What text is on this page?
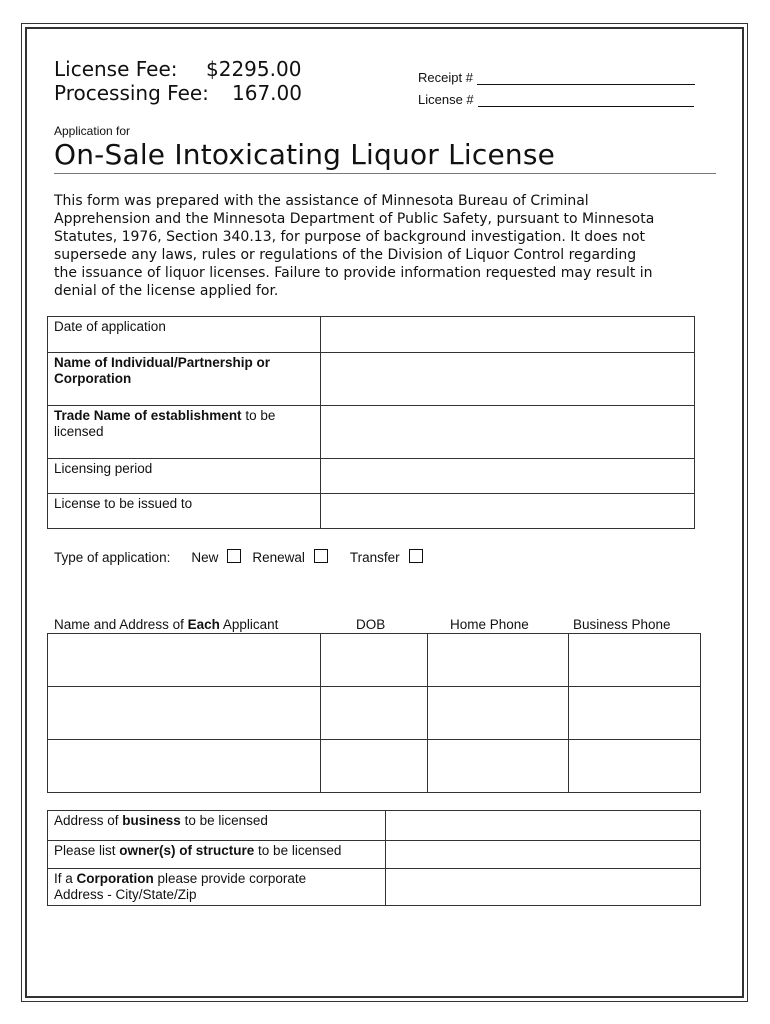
License Fee: $2295.00
Processing Fee: 167.00
Receipt #
License #
Application for
On-Sale Intoxicating Liquor License
This form was prepared with the assistance of Minnesota Bureau of Criminal
Apprehension and the Minnesota Department of Public Safety, pursuant to Minnesota
Statutes, 1976, Section 340.13, for purpose of background investigation. It does not
supersede any laws, rules or regulations of the Division of Liquor Control regarding
the issuance of liquor licenses. Failure to provide information requested may result in
denial of the license applied for.
Date of application	
Name of Individual/Partnership or Corporation	
Trade Name of establishment to be licensed	
Licensing period	
License to be issued to	
Type of application: New	Renewal	Transfer
Name and Address of Each Applicant	DOB	Home Phone	Business Phone

Address of business to be licensed	
Please list owner(s) of structure to be licensed	
If a Corporation please provide corporate
Address - City/State/Zip	
